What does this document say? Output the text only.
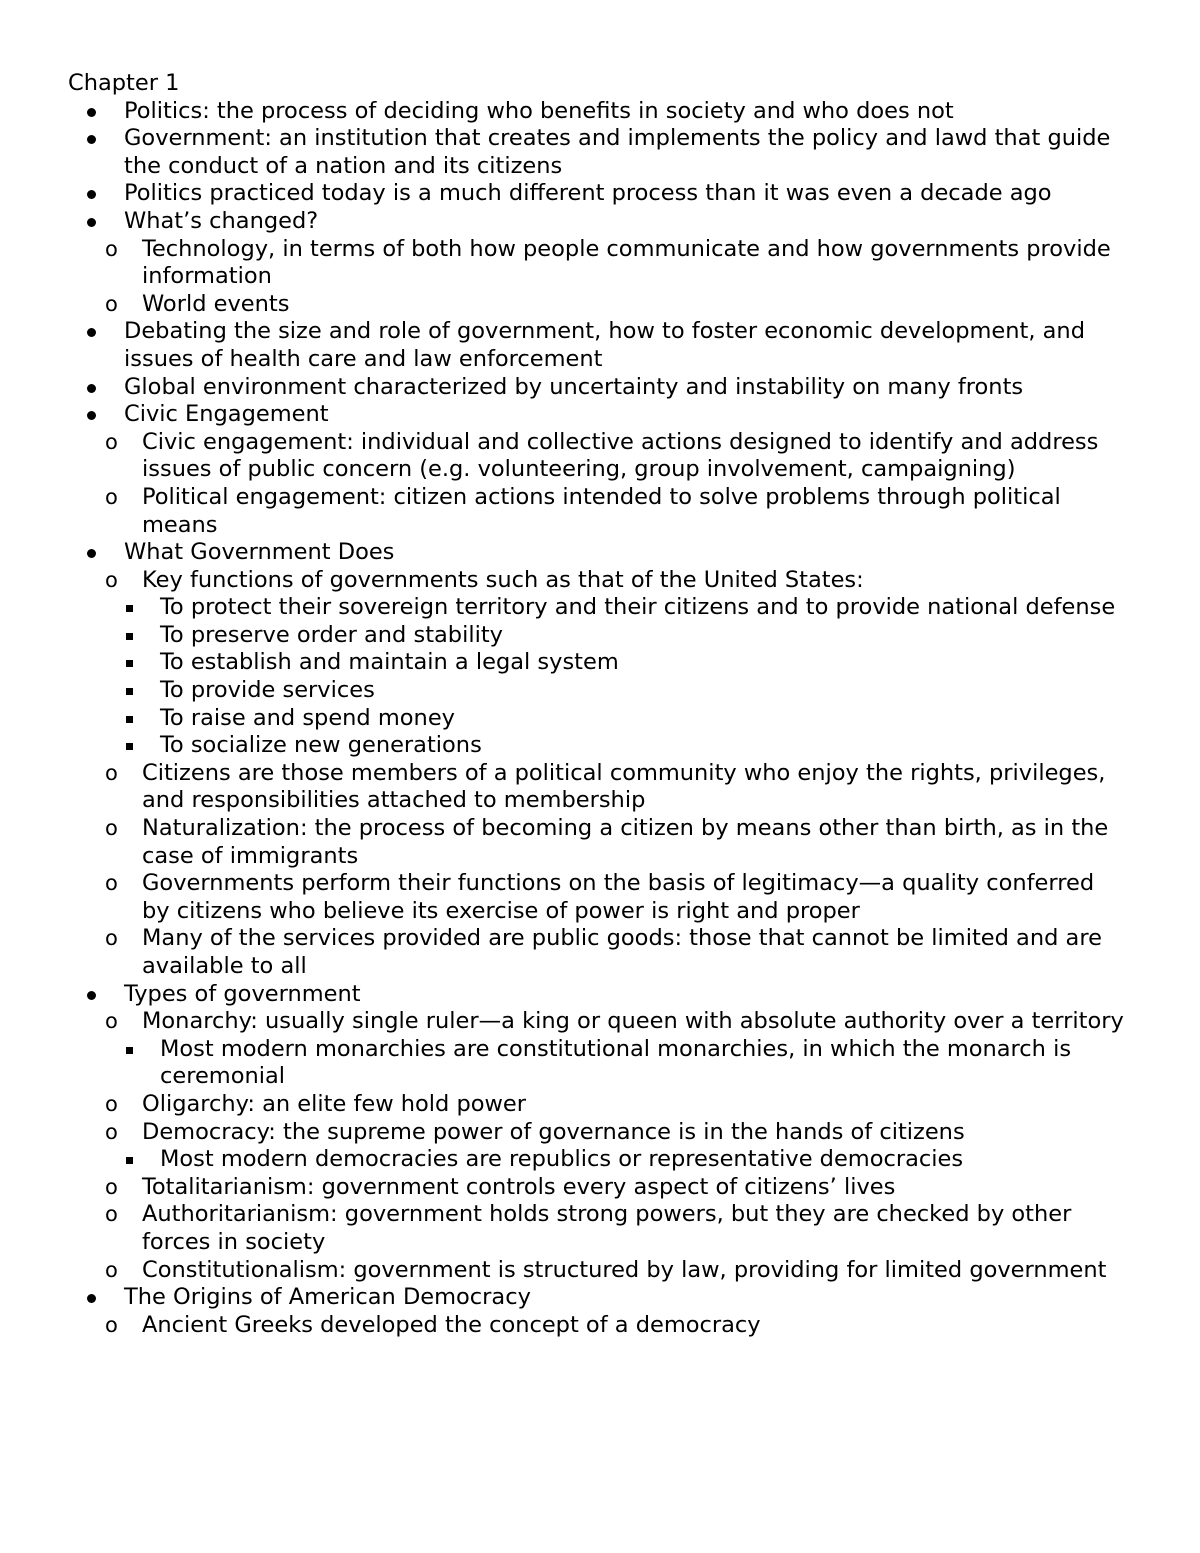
Chapter 1
Politics: the process of deciding who benefits in society and who does not
Government: an institution that creates and implements the policy and lawd that guide the conduct of a nation and its citizens
Politics practiced today is a much different process than it was even a decade ago
What’s changed?
o Technology, in terms of both how people communicate and how governments provide information
o World events
Debating the size and role of government, how to foster economic development, and issues of health care and law enforcement
Global environment characterized by uncertainty and instability on many fronts
Civic Engagement
o Civic engagement: individual and collective actions designed to identify and address issues of public concern (e.g. volunteering, group involvement, campaigning)
o Political engagement: citizen actions intended to solve problems through political means
What Government Does
o Key functions of governments such as that of the United States:
To protect their sovereign territory and their citizens and to provide national defense
To preserve order and stability
To establish and maintain a legal system
To provide services
To raise and spend money
To socialize new generations
o Citizens are those members of a political community who enjoy the rights, privileges, and responsibilities attached to membership
o Naturalization: the process of becoming a citizen by means other than birth, as in the case of immigrants
o Governments perform their functions on the basis of legitimacy—a quality conferred by citizens who believe its exercise of power is right and proper
o Many of the services provided are public goods: those that cannot be limited and are available to all
Types of government
o Monarchy: usually single ruler—a king or queen with absolute authority over a territory
Most modern monarchies are constitutional monarchies, in which the monarch is ceremonial
o Oligarchy: an elite few hold power
o Democracy: the supreme power of governance is in the hands of citizens
Most modern democracies are republics or representative democracies
o Totalitarianism: government controls every aspect of citizens’ lives
o Authoritarianism: government holds strong powers, but they are checked by other forces in society
o Constitutionalism: government is structured by law, providing for limited government
The Origins of American Democracy
o Ancient Greeks developed the concept of a democracy
